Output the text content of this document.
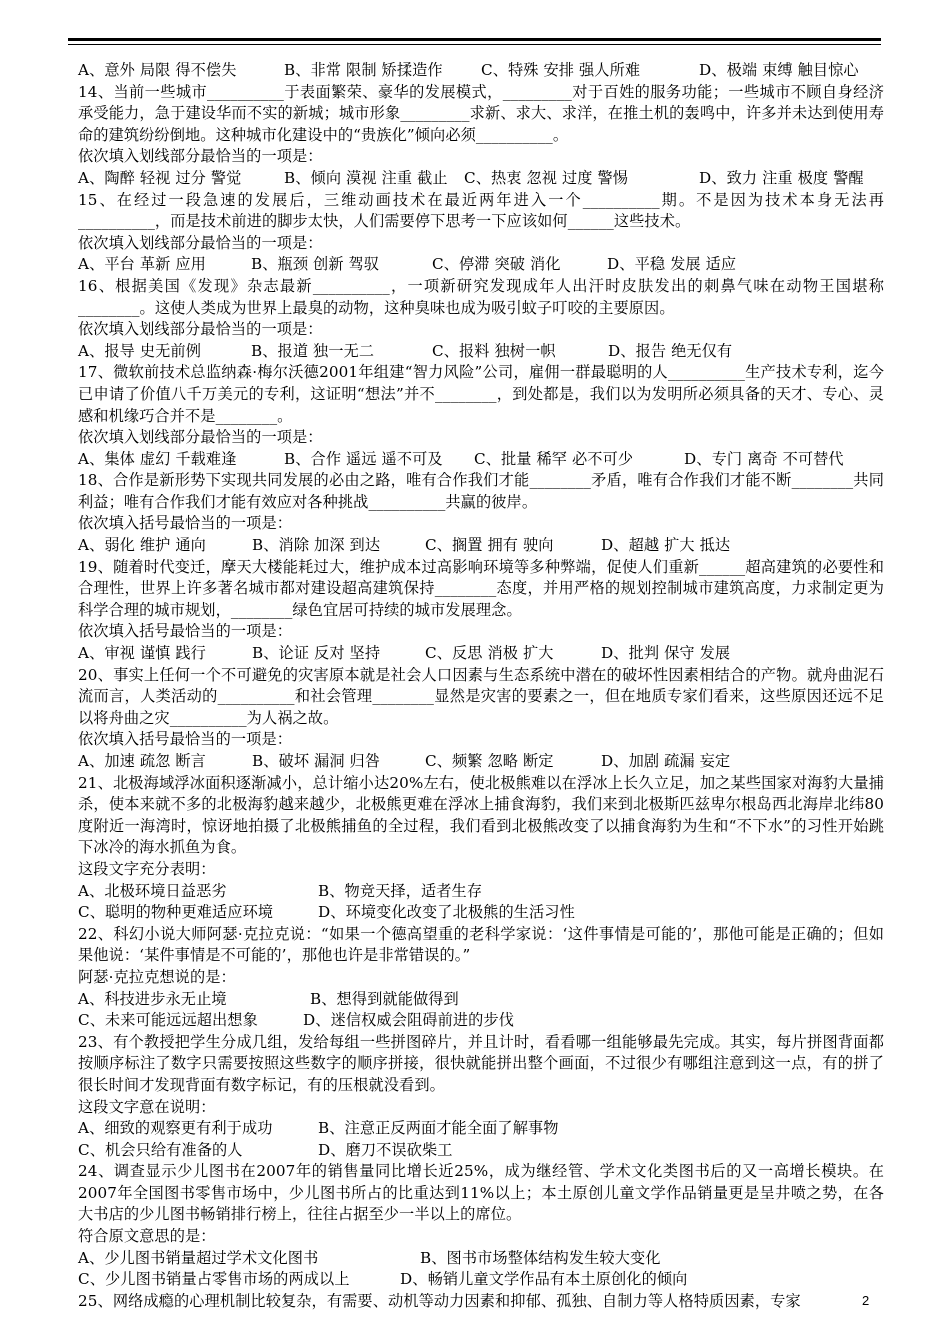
A、意外 局限 得不偿失	B、非常 限制 矫揉造作	C、特殊 安排 强人所难	D、极端 束缚 触目惊心
14、当前一些城市__________于表面繁荣、豪华的发展模式，_________对于百姓的服务功能；一些城市不顾自身经济承受能力，急于建设华而不实的新城；城市形象_________求新、求大、求洋，在推土机的轰鸣中，许多并未达到使用寿命的建筑纷纷倒地。这种城市化建设中的“贵族化”倾向必须__________。
依次填入划线部分最恰当的一项是：
A、陶醉 轻视 过分 警觉	B、倾向 漠视 注重 截止	C、热衷 忽视 过度 警惕	D、致力 注重 极度 警醒
15、在经过一段急速的发展后，三维动画技术在最近两年进入一个__________期。不是因为技术本身无法再__________，而是技术前进的脚步太快，人们需要停下思考一下应该如何______这些技术。
依次填入划线部分最恰当的一项是：
A、平台 革新 应用	B、瓶颈 创新 驾驭	C、停滞 突破 消化	D、平稳 发展 适应
16、根据美国《发现》杂志最新__________，一项新研究发现成年人出汗时皮肤发出的刺鼻气味在动物王国堪称________。这使人类成为世界上最臭的动物，这种臭味也成为吸引蚊子叮咬的主要原因。
依次填入划线部分最恰当的一项是：
A、报导 史无前例	B、报道 独一无二	C、报料 独树一帜	D、报告 绝无仅有
17、微软前技术总监纳森·梅尔沃德2001年组建“智力风险”公司，雇佣一群最聪明的人__________生产技术专利，迄今已申请了价值八千万美元的专利，这证明“想法”并不________，到处都是，我们以为发明所必须具备的天才、专心、灵感和机缘巧合并不是________。
依次填入划线部分最恰当的一项是：
A、集体 虚幻 千载难逢	B、合作 遥远 遥不可及	C、批量 稀罕 必不可少	D、专门 离奇 不可替代
18、合作是新形势下实现共同发展的必由之路，唯有合作我们才能________矛盾，唯有合作我们才能不断________共同利益；唯有合作我们才能有效应对各种挑战__________共赢的彼岸。
依次填入括号最恰当的一项是：
A、弱化 维护 通向	B、消除 加深 到达	C、搁置 拥有 驶向	D、超越 扩大 抵达
19、随着时代变迁，摩天大楼能耗过大，维护成本过高影响环境等多种弊端，促使人们重新______超高建筑的必要性和合理性，世界上许多著名城市都对建设超高建筑保持________态度，并用严格的规划控制城市建筑高度，力求制定更为科学合理的城市规划，________绿色宜居可持续的城市发展理念。
依次填入括号最恰当的一项是：
A、审视 谨慎 践行	B、论证 反对 坚持	C、反思 消极 扩大	D、批判 保守 发展
20、事实上任何一个不可避免的灾害原本就是社会人口因素与生态系统中潜在的破坏性因素相结合的产物。就舟曲泥石流而言，人类活动的__________和社会管理________显然是灾害的要素之一，但在地质专家们看来，这些原因还远不足以将舟曲之灾__________为人祸之故。
依次填入括号最恰当的一项是：
A、加速 疏忽 断言	B、破坏 漏洞 归咎	C、频繁 忽略 断定	D、加剧 疏漏 妄定
21、北极海域浮冰面积逐渐减小，总计缩小达20%左右，使北极熊难以在浮冰上长久立足，加之某些国家对海豹大量捕杀，使本来就不多的北极海豹越来越少，北极熊更难在浮冰上捕食海豹，我们来到北极斯匹兹卑尔根岛西北海岸北纬80度附近一海湾时，惊讶地拍摄了北极熊捕鱼的全过程，我们看到北极熊改变了以捕食海豹为生和“不下水”的习性开始跳下冰冷的海水抓鱼为食。
这段文字充分表明：
A、北极环境日益恶劣	B、物竞天择，适者生存
C、聪明的物种更难适应环境	D、环境变化改变了北极熊的生活习性
22、科幻小说大师阿瑟·克拉克说：“如果一个德高望重的老科学家说：‘这件事情是可能的’，那他可能是正确的；但如果他说：‘某件事情是不可能的’，那他也许是非常错误的。”
阿瑟·克拉克想说的是：
A、科技进步永无止境	B、想得到就能做得到
C、未来可能远远超出想象	D、迷信权威会阻碍前进的步伐
23、有个教授把学生分成几组，发给每组一些拼图碎片，并且计时，看看哪一组能够最先完成。其实，每片拼图背面都按顺序标注了数字只需要按照这些数字的顺序拼接，很快就能拼出整个画面，不过很少有哪组注意到这一点，有的拼了很长时间才发现背面有数字标记，有的压根就没看到。
这段文字意在说明：
A、细致的观察更有利于成功	B、注意正反两面才能全面了解事物
C、机会只给有准备的人	D、磨刀不误砍柴工
24、调查显示少儿图书在2007年的销售量同比增长近25%，成为继经管、学术文化类图书后的又一高增长模块。在2007年全国图书零售市场中，少儿图书所占的比重达到11%以上；本土原创儿童文学作品销量更是呈井喷之势，在各大书店的少儿图书畅销排行榜上，往往占据至少一半以上的席位。
符合原文意思的是：
A、少儿图书销量超过学术文化图书	B、图书市场整体结构发生较大变化
C、少儿图书销量占零售市场的两成以上	D、畅销儿童文学作品有本土原创化的倾向
25、网络成瘾的心理机制比较复杂，有需要、动机等动力因素和抑郁、孤独、自制力等人格特质因素，专家	2
